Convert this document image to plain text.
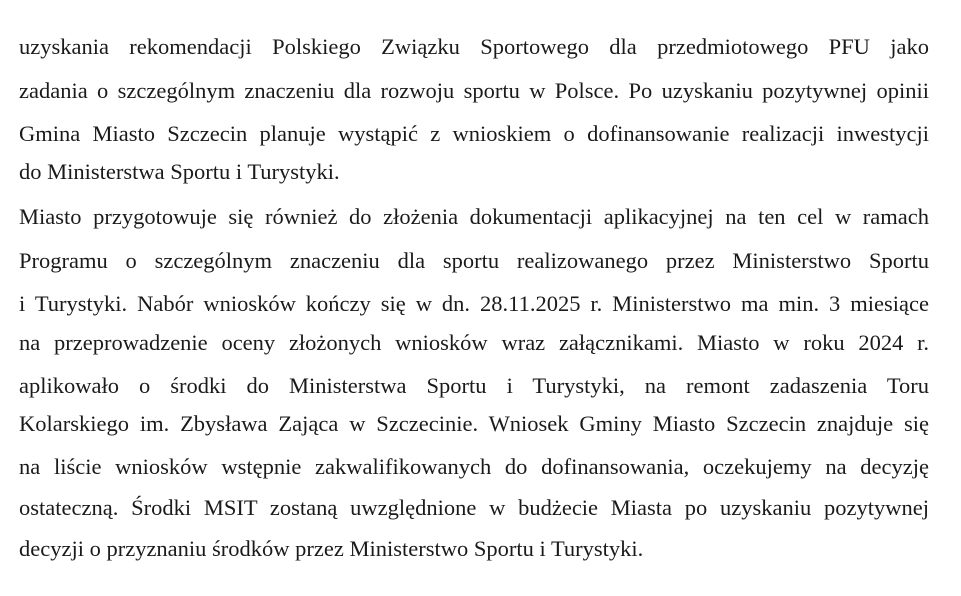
uzyskania rekomendacji Polskiego Związku Sportowego dla przedmiotowego PFU jako
zadania o szczególnym znaczeniu dla rozwoju sportu w Polsce. Po uzyskaniu pozytywnej opinii
Gmina Miasto Szczecin planuje wystąpić z wnioskiem o dofinansowanie realizacji inwestycji
do Ministerstwa Sportu i Turystyki.
Miasto przygotowuje się również do złożenia dokumentacji aplikacyjnej na ten cel w ramach
Programu o szczególnym znaczeniu dla sportu realizowanego przez Ministerstwo Sportu
i Turystyki. Nabór wniosków kończy się w dn. 28.11.2025 r. Ministerstwo ma min. 3 miesiące
na przeprowadzenie oceny złożonych wniosków wraz załącznikami. Miasto w roku 2024 r.
aplikowało o środki do Ministerstwa Sportu i Turystyki, na remont zadaszenia Toru
Kolarskiego im. Zbysława Zająca w Szczecinie. Wniosek Gminy Miasto Szczecin znajduje się
na liście wniosków wstępnie zakwalifikowanych do dofinansowania, oczekujemy na decyzję
ostateczną. Środki MSIT zostaną uwzględnione w budżecie Miasta po uzyskaniu pozytywnej
decyzji o przyznaniu środków przez Ministerstwo Sportu i Turystyki.
